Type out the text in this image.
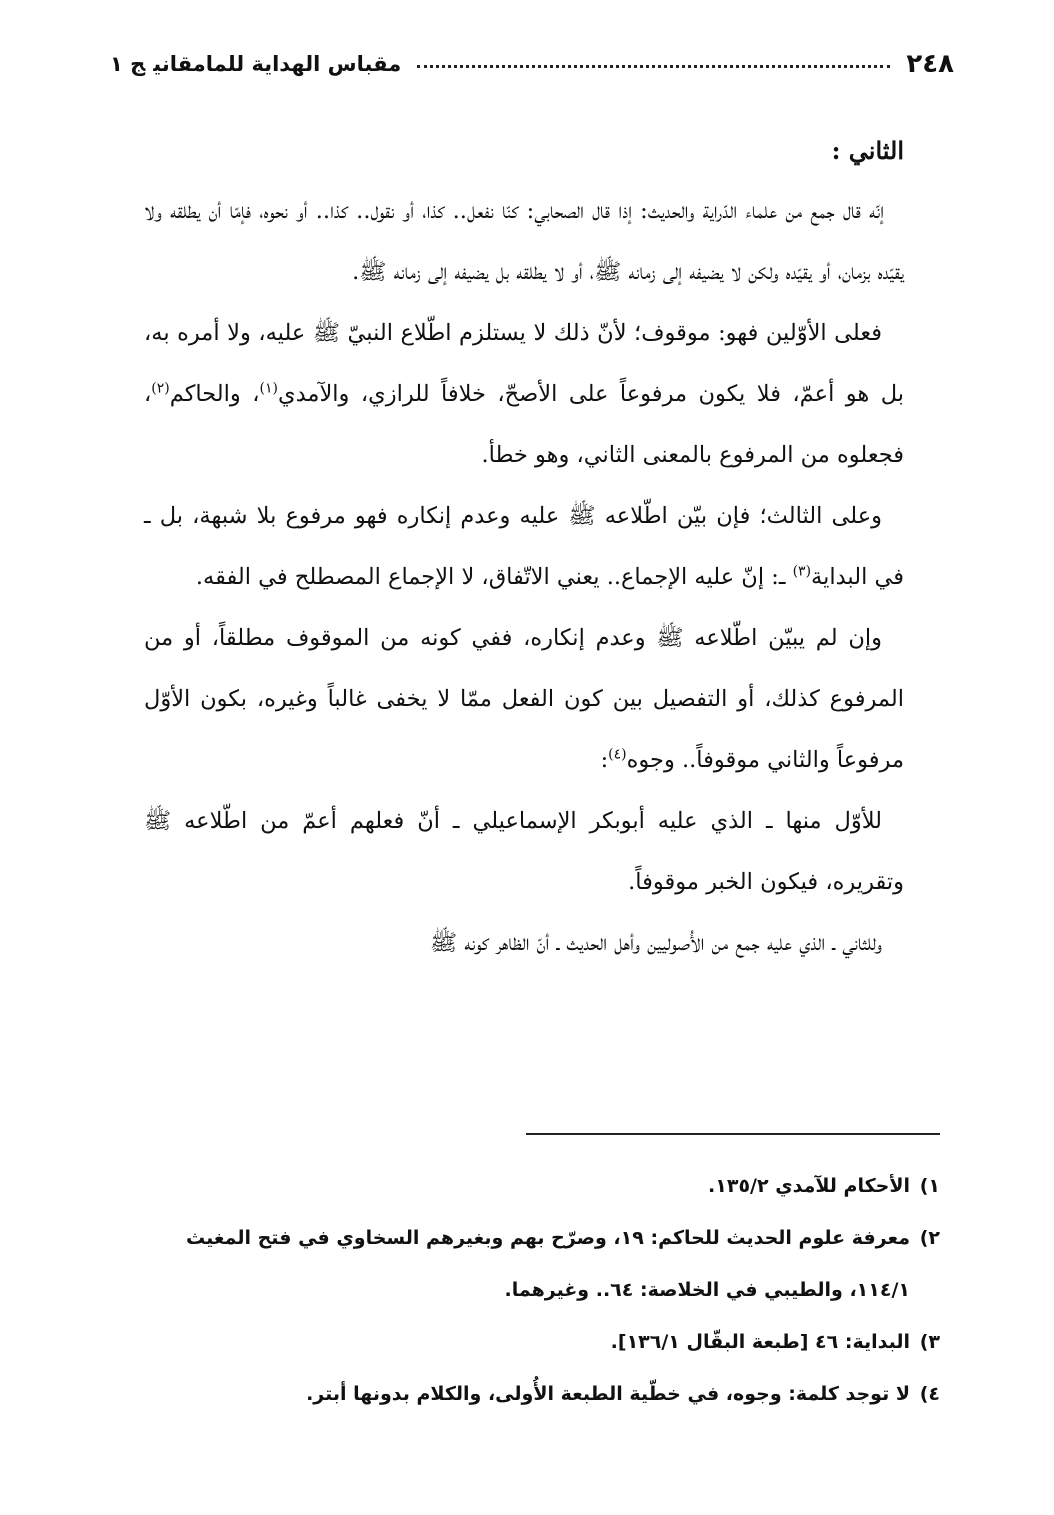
٢٤٨
مقباس الهداية للمامقانيج ١
الثاني :

إنّه قال جمع من علماء الدّراية والحديث: إذا قال الصحابي: كنّا نفعل.. كذا، أو نقول.. كذا.. أو نحوه، فإمّا أن يطلقه ولا يقيّده بزمان، أو يقيّده ولكن لا يضيفه إلى زمانه ﷺ، أو لا يطلقه بل يضيفه إلى زمانه ﷺ.

فعلى الأوّلين فهو: موقوف؛ لأنّ ذلك لا يستلزم اطّلاع النبيّ ﷺ عليه، ولا أمره به، بل هو أعمّ، فلا يكون مرفوعاً على الأصحّ، خلافاً للرازي، والآمدي$^{(١)}$، والحاكم$^{(٢)}$، فجعلوه من المرفوع بالمعنى الثاني، وهو خطأ.

وعلى الثالث؛ فإن بيّن اطّلاعه ﷺ عليه وعدم إنكاره فهو مرفوع بلا شبهة، بل ـ في البداية$^{(٣)}$ ـ: إنّ عليه الإجماع.. يعني الاتّفاق، لا الإجماع المصطلح في الفقه.

وإن لم يبيّن اطّلاعه ﷺ وعدم إنكاره، ففي كونه من الموقوف مطلقاً، أو من المرفوع كذلك، أو التفصيل بين كون الفعل ممّا لا يخفى غالباً وغيره، بكون الأوّل مرفوعاً والثاني موقوفاً.. وجوه$^{(٤)}$:

للأوّل منها ـ الذي عليه أبوبكر الإسماعيلي ـ أنّ فعلهم أعمّ من اطّلاعه ﷺ وتقريره، فيكون الخبر موقوفاً.

وللثاني ـ الذي عليه جمع من الأُصوليين وأهل الحديث ـ أنّ الظاهر كونه ﷺ

١)
الأحكام للآمدي ١٣٥/٢.
٢)
معرفة علوم الحديث للحاكم: ١٩، وصرّح بهم وبغيرهم السخاوي في فتح المغيث ١١٤/١، والطيبي في الخلاصة: ٦٤.. وغيرهما.
٣)
البداية: ٤٦ [طبعة البقّال ١٣٦/١].
٤)
لا توجد كلمة: وجوه، في خطّية الطبعة الأُولى، والكلام بدونها أبتر.
